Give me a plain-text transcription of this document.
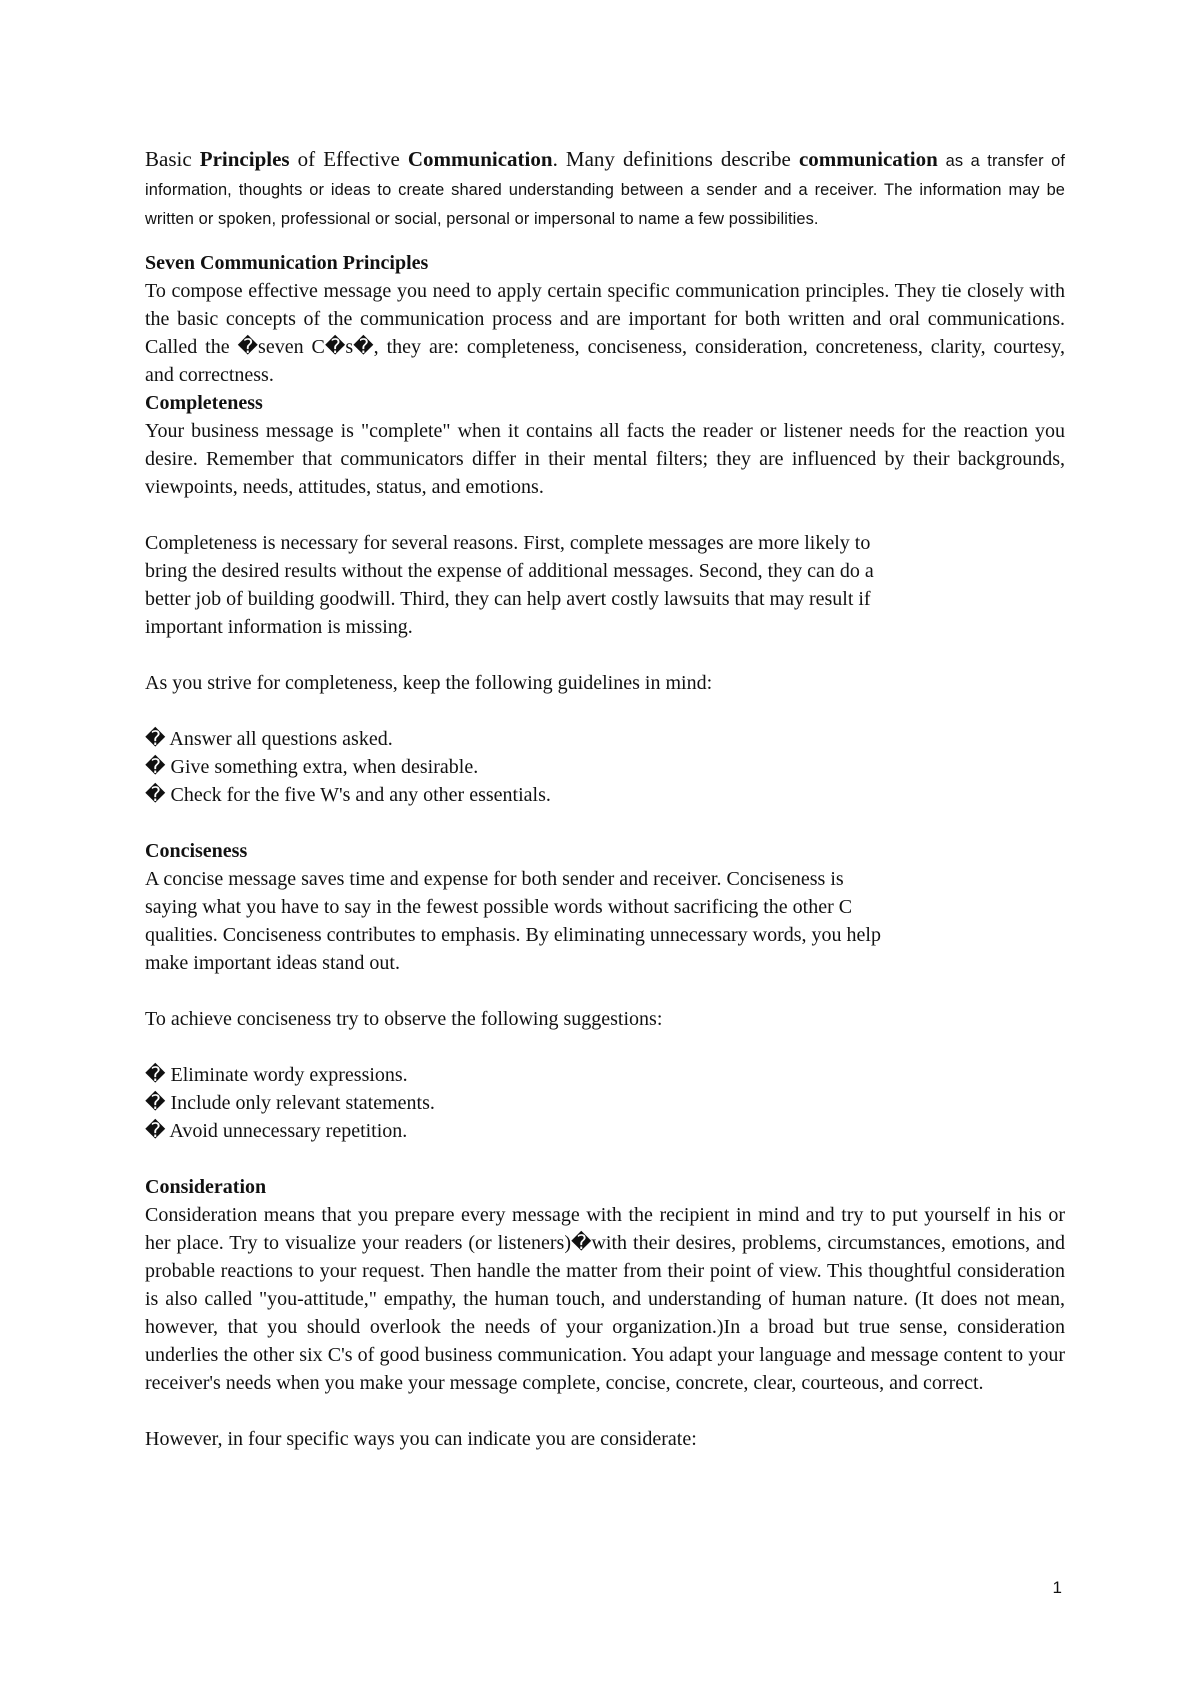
Basic Principles of Effective Communication. Many definitions describe communication as a transfer of information, thoughts or ideas to create shared understanding between a sender and a receiver. The information may be written or spoken, professional or social, personal or impersonal to name a few possibilities.

Seven Communication Principles

To compose effective message you need to apply certain specific communication principles. They tie closely with the basic concepts of the communication process and are important for both written and oral communications. Called the �seven C�s�, they are: completeness, conciseness, consideration, concreteness, clarity, courtesy, and correctness.

Completeness

Your business message is "complete" when it contains all facts the reader or listener needs for the reaction you desire. Remember that communicators differ in their mental filters; they are influenced by their backgrounds, viewpoints, needs, attitudes, status, and emotions.

Completeness is necessary for several reasons. First, complete messages are more likely to
bring the desired results without the expense of additional messages. Second, they can do a
better job of building goodwill. Third, they can help avert costly lawsuits that may result if
important information is missing.

As you strive for completeness, keep the following guidelines in mind:

� Answer all questions asked.

� Give something extra, when desirable.

� Check for the five W's and any other essentials.

Conciseness

A concise message saves time and expense for both sender and receiver. Conciseness is
saying what you have to say in the fewest possible words without sacrificing the other C
qualities. Conciseness contributes to emphasis. By eliminating unnecessary words, you help
make important ideas stand out.

To achieve conciseness try to observe the following suggestions:

� Eliminate wordy expressions.

� Include only relevant statements.

� Avoid unnecessary repetition.

Consideration

Consideration means that you prepare every message with the recipient in mind and try to put yourself in his or her place. Try to visualize your readers (or listeners)�with their desires, problems, circumstances, emotions, and probable reactions to your request. Then handle the matter from their point of view. This thoughtful consideration is also called "you-attitude," empathy, the human touch, and understanding of human nature. (It does not mean, however, that you should overlook the needs of your organization.)In a broad but true sense, consideration underlies the other six C's of good business communication. You adapt your language and message content to your receiver's needs when you make your message complete, concise, concrete, clear, courteous, and correct.

However, in four specific ways you can indicate you are considerate:

1
